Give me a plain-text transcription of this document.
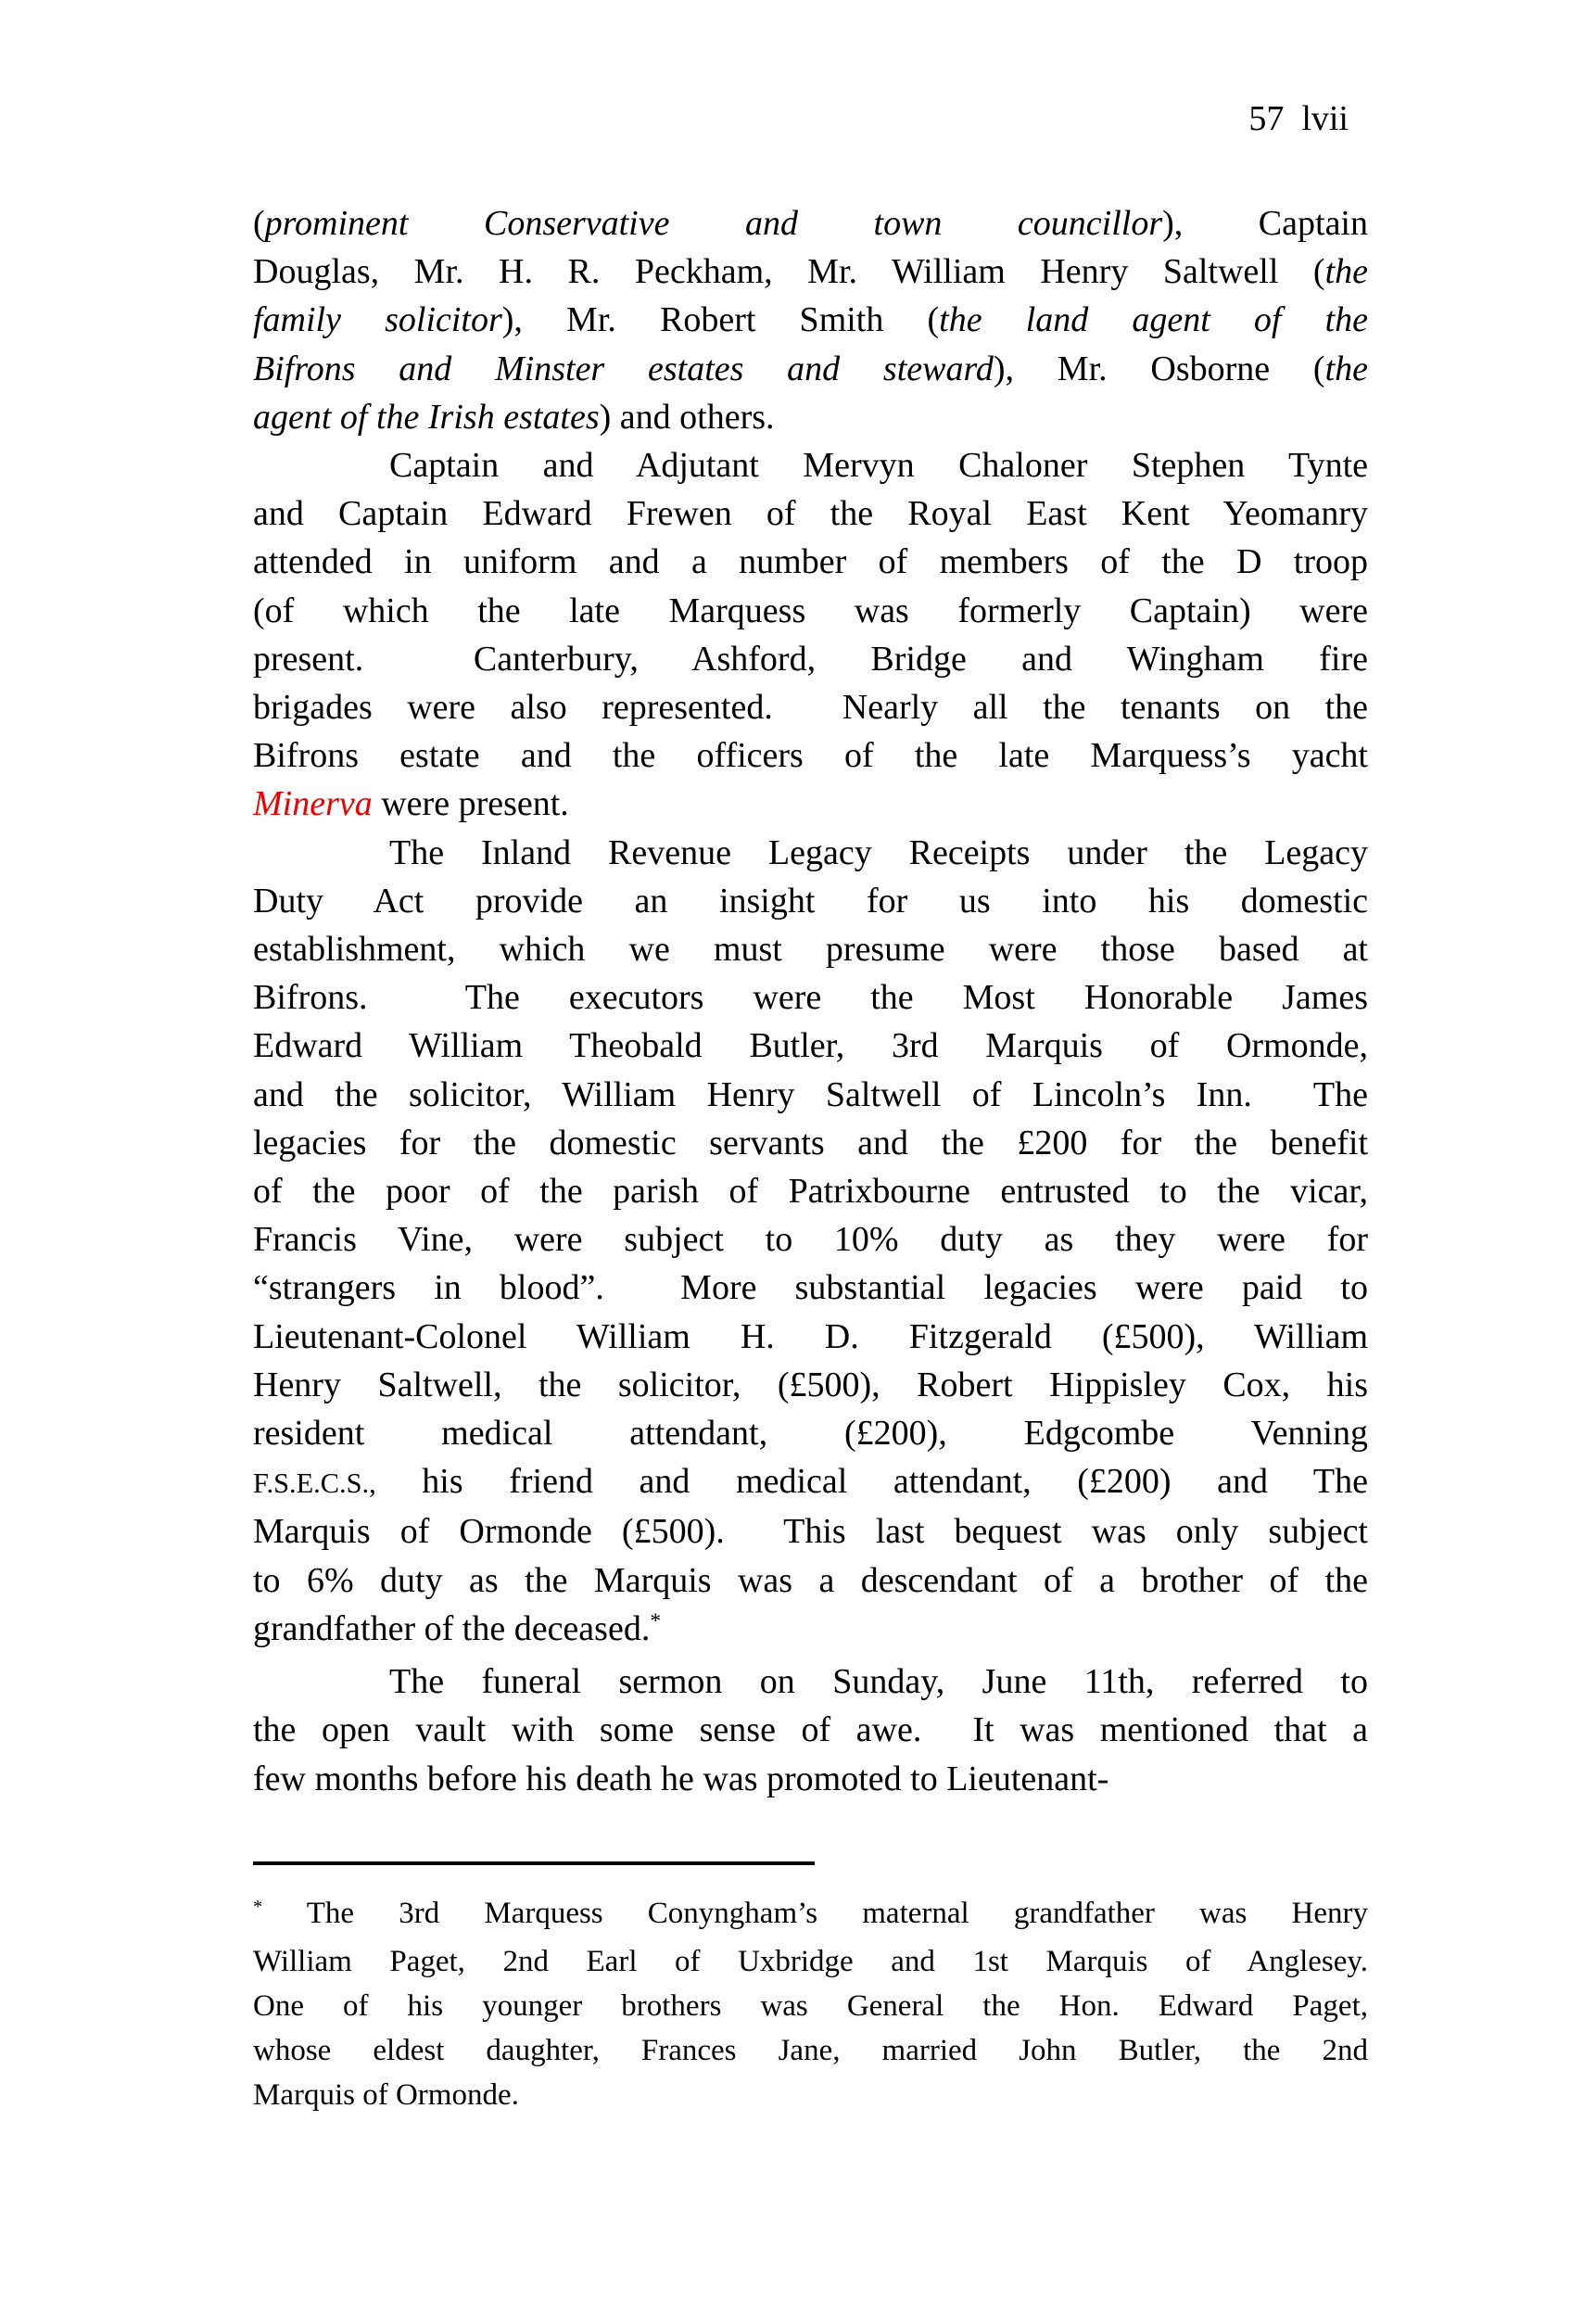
57  lvii
(prominent Conservative and town councillor), Captain
Douglas, Mr. H. R. Peckham, Mr. William Henry Saltwell (the
family solicitor), Mr. Robert Smith (the land agent of the
Bifrons and Minster estates and steward), Mr. Osborne (the
agent of the Irish estates) and others.
Captain and Adjutant Mervyn Chaloner Stephen Tynte
and Captain Edward Frewen of the Royal East Kent Yeomanry
attended in uniform and a number of members of the D troop
(of which the late Marquess was formerly Captain) were
present.  Canterbury, Ashford, Bridge and Wingham fire
brigades were also represented.  Nearly all the tenants on the
Bifrons estate and the officers of the late Marquess’s yacht
Minerva were present.
The Inland Revenue Legacy Receipts under the Legacy
Duty Act provide an insight for us into his domestic
establishment, which we must presume were those based at
Bifrons.  The executors were the Most Honorable James
Edward William Theobald Butler, 3rd Marquis of Ormonde,
and the solicitor, William Henry Saltwell of Lincoln’s Inn.  The
legacies for the domestic servants and the £200 for the benefit
of the poor of the parish of Patrixbourne entrusted to the vicar,
Francis Vine, were subject to 10% duty as they were for
“strangers in blood”.  More substantial legacies were paid to
Lieutenant-Colonel William H. D. Fitzgerald (£500), William
Henry Saltwell, the solicitor, (£500), Robert Hippisley Cox, his
resident medical attendant, (£200), Edgcombe Venning
F.S.E.C.S., his friend and medical attendant, (£200) and The
Marquis of Ormonde (£500).  This last bequest was only subject
to 6% duty as the Marquis was a descendant of a brother of the
grandfather of the deceased.*
The funeral sermon on Sunday, June 11th, referred to
the open vault with some sense of awe.  It was mentioned that a
few months before his death he was promoted to Lieutenant-
* The 3rd Marquess Conyngham’s maternal grandfather was Henry
William Paget, 2nd Earl of Uxbridge and 1st Marquis of Anglesey.
One of his younger brothers was General the Hon. Edward Paget,
whose eldest daughter, Frances Jane, married John Butler, the 2nd
Marquis of Ormonde.
